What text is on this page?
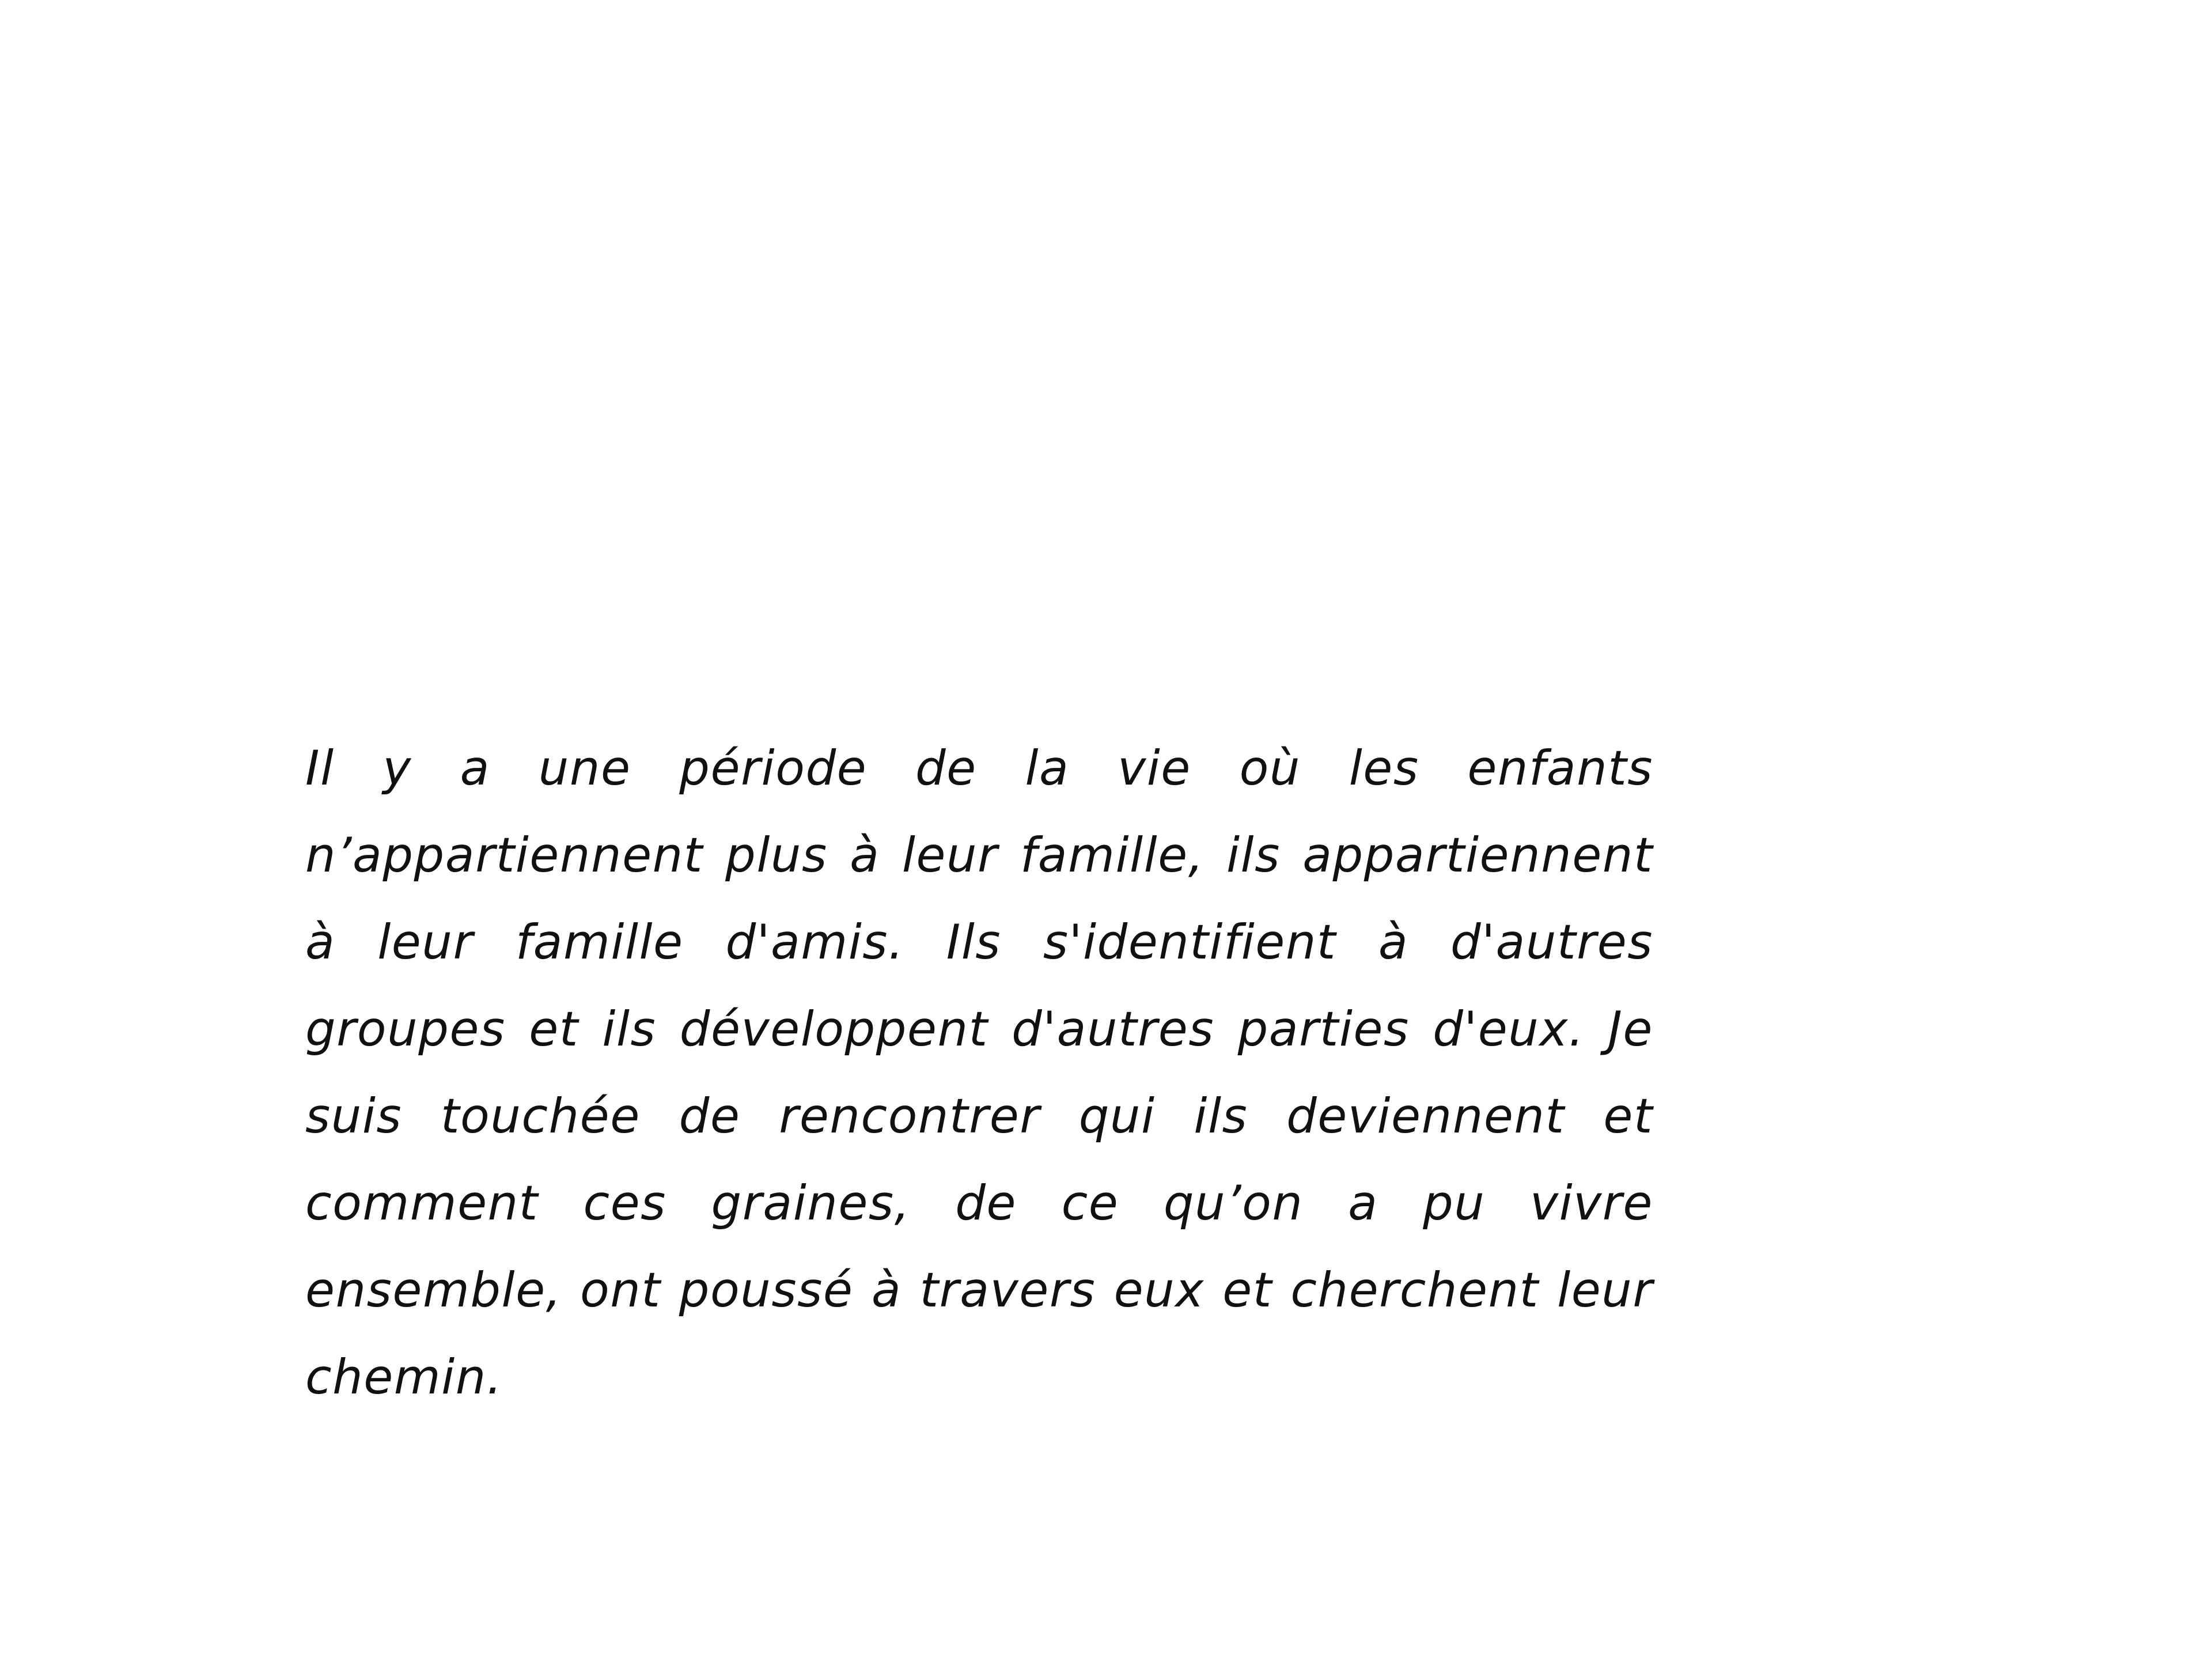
Il y a une période de la vie où les enfants
n’appartiennent plus à leur famille, ils appartiennent
à leur famille d'amis. Ils s'identifient à d'autres
groupes et ils développent d'autres parties d'eux. Je
suis touchée de rencontrer qui ils deviennent et
comment ces graines, de ce qu’on a pu vivre
ensemble, ont poussé à travers eux et cherchent leur
chemin.
